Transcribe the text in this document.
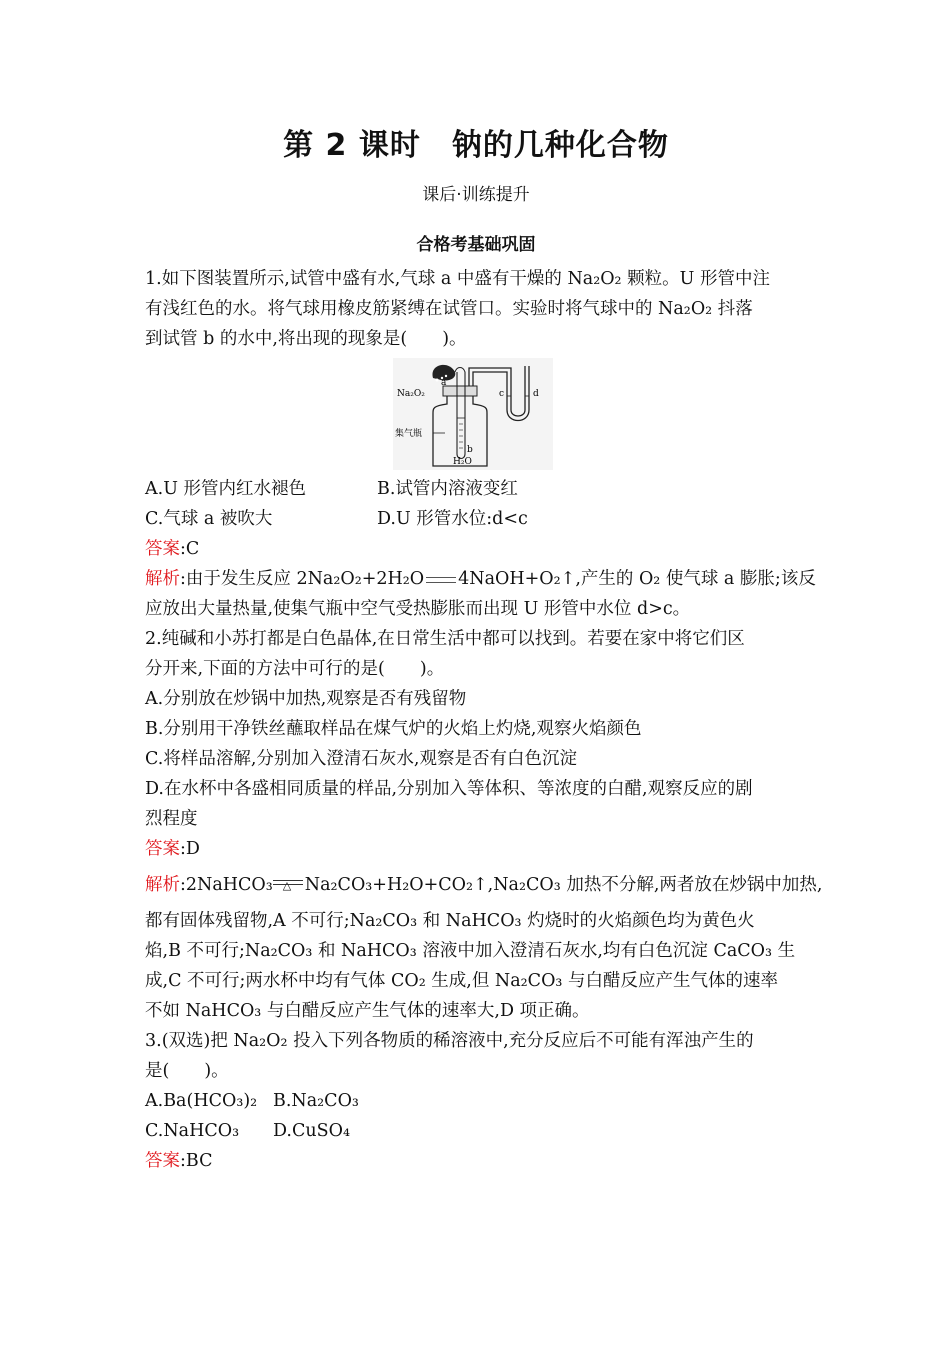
第 2 课时　钠的几种化合物
课后·训练提升
合格考基础巩固
1.如下图装置所示,试管中盛有水,气球 a 中盛有干燥的 Na₂O₂ 颗粒。U 形管中注
有浅红色的水。将气球用橡皮筋紧缚在试管口。实验时将气球中的 Na₂O₂ 抖落
到试管 b 的水中,将出现的现象是(　　)。
a
Na₂O₂	c	d
集气瓶
b
H₂O
A.U 形管内红水褪色	B.试管内溶液变红
C.气球 a 被吹大	D.U 形管水位:d<c
答案:C
解析:由于发生反应 2Na₂O₂+2H₂O 4NaOH+O₂↑,产生的 O₂ 使气球 a 膨胀;该反
应放出大量热量,使集气瓶中空气受热膨胀而出现 U 形管中水位 d>c。
2.纯碱和小苏打都是白色晶体,在日常生活中都可以找到。若要在家中将它们区
分开来,下面的方法中可行的是(　　)。
A.分别放在炒锅中加热,观察是否有残留物
B.分别用干净铁丝蘸取样品在煤气炉的火焰上灼烧,观察火焰颜色
C.将样品溶解,分别加入澄清石灰水,观察是否有白色沉淀
D.在水杯中各盛相同质量的样品,分别加入等体积、等浓度的白醋,观察反应的剧
烈程度
答案:D
解析:2NaHCO₃ △ Na₂CO₃+H₂O+CO₂↑,Na₂CO₃ 加热不分解,两者放在炒锅中加热,
都有固体残留物,A 不可行;Na₂CO₃ 和 NaHCO₃ 灼烧时的火焰颜色均为黄色火
焰,B 不可行;Na₂CO₃ 和 NaHCO₃ 溶液中加入澄清石灰水,均有白色沉淀 CaCO₃ 生
成,C 不可行;两水杯中均有气体 CO₂ 生成,但 Na₂CO₃ 与白醋反应产生气体的速率
不如 NaHCO₃ 与白醋反应产生气体的速率大,D 项正确。
3.(双选)把 Na₂O₂ 投入下列各物质的稀溶液中,充分反应后不可能有浑浊产生的
是(　　)。
A.Ba(HCO₃)₂ B.Na₂CO₃
C.NaHCO₃	D.CuSO₄
答案:BC
